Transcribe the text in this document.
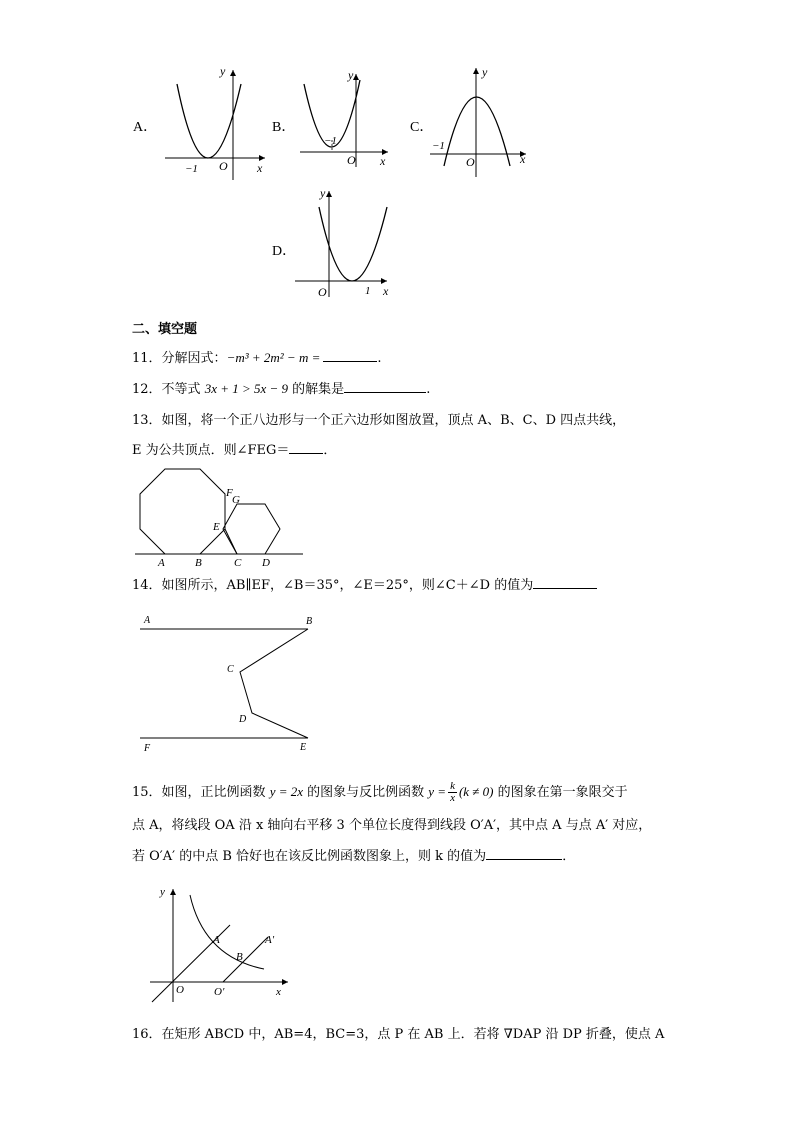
A．
y
x
O
−1
B．
y
x
O
−1
C．
y
x
O
−1
D．
y
x
O	1
二、填空题
11．分解因式：−m³ + 2m² − m =	.
12．不等式 3x + 1 > 5x − 9 的解集是	.
13．如图，将一个正八边形与一个正六边形如图放置，顶点 A、B、C、D 四点共线，
E 为公共顶点．则∠FEG＝	．
A	B	C D
E
F
G
14．如图所示，AB∥EF，∠B＝35°，∠E＝25°，则∠C＋∠D 的值为
A	B
C
D
F	E
15．如图，正比例函数 y = 2x 的图象与反比例函数 $y = \frac{k}{x} (k \ne 0)$ 的图象在第一象限交于
点 A，将线段 OA 沿 x 轴向右平移 3 个单位长度得到线段 O′A′，其中点 A 与点 A′ 对应，
若 O′A′ 的中点 B 恰好也在该反比例函数图象上，则 k 的值为	．
y
x
O	O′
A
B
A′
16．在矩形 ABCD 中，AB=4，BC=3，点 P 在 AB 上．若将 ∇DAP 沿 DP 折叠，使点 A
